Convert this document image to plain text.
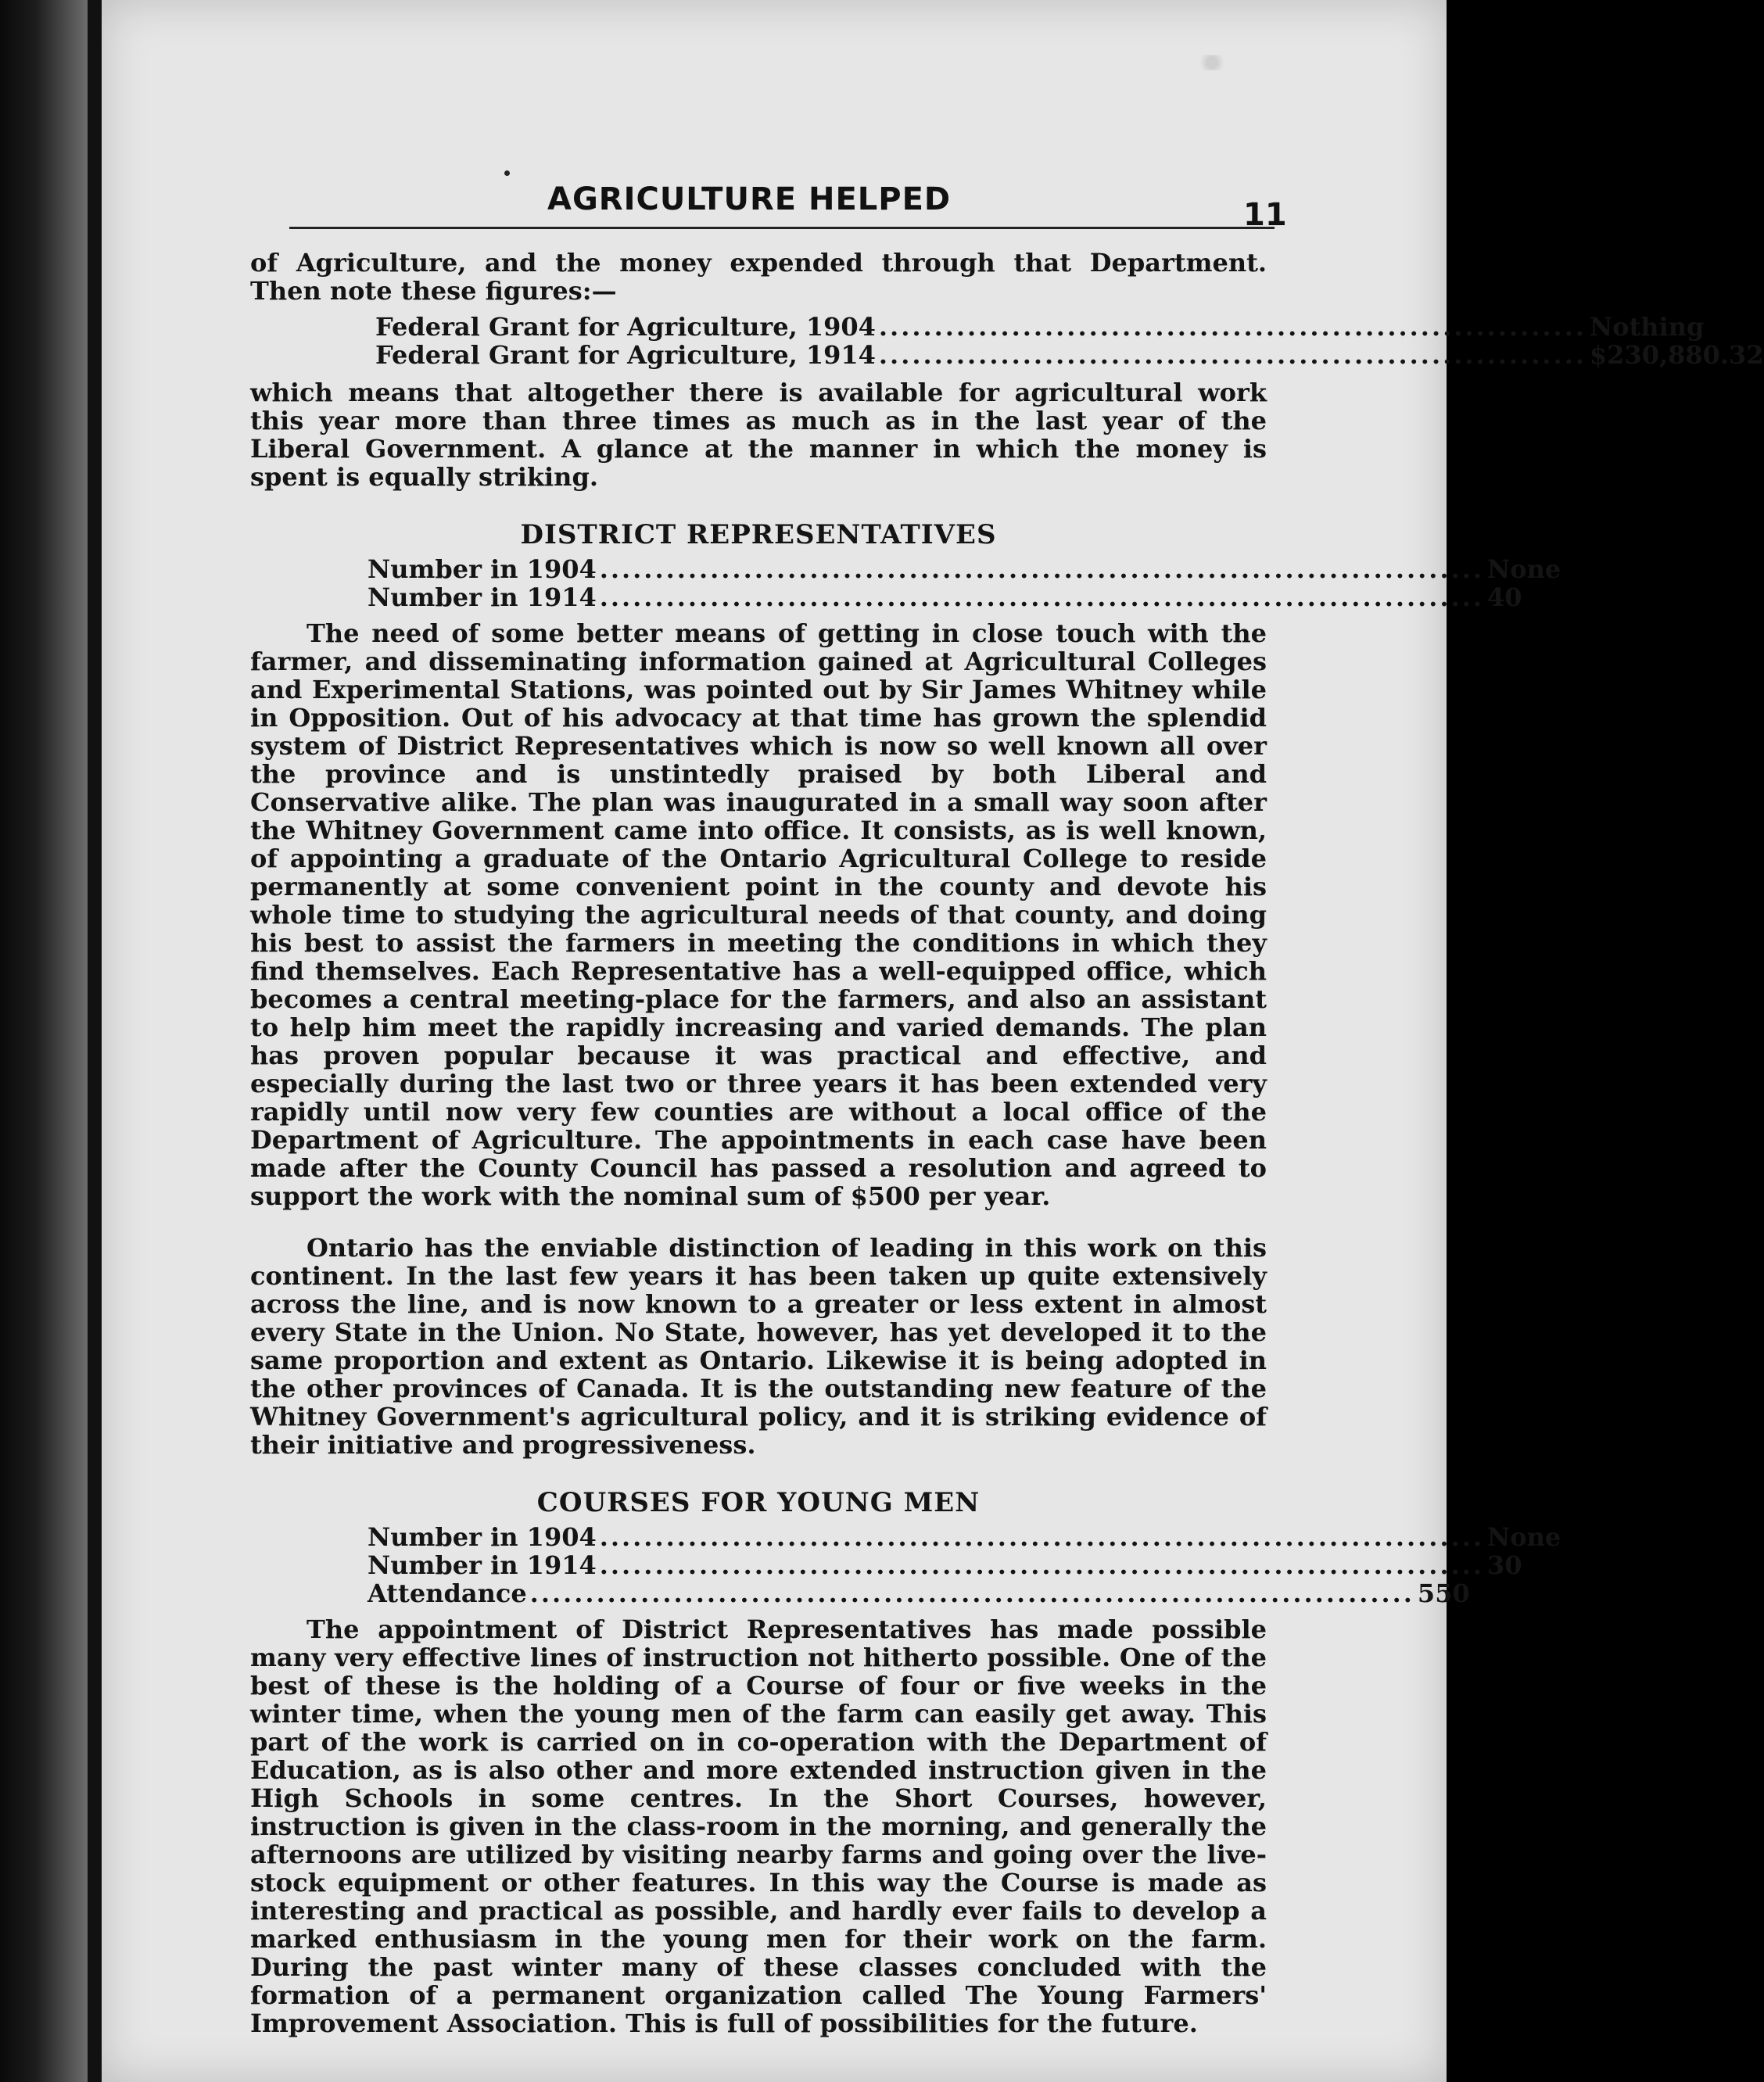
AGRICULTURE HELPED	11

of Agriculture, and the money expended through that Department. Then note these figures:—

Federal Grant for Agriculture, 1904 ................................................................ Nothing
Federal Grant for Agriculture, 1914 ................................................................ $230,880.32

which means that altogether there is available for agricultural work this year more than three times as much as in the last year of the Liberal Government. A glance at the manner in which the money is spent is equally striking.

DISTRICT REPRESENTATIVES
Number in 1904 ................................................................................ None
Number in 1914 ................................................................................ 40

The need of some better means of getting in close touch with the farmer, and disseminating information gained at Agricultural Colleges and Experimental Stations, was pointed out by Sir James Whitney while in Opposition. Out of his advocacy at that time has grown the splendid system of District Representatives which is now so well known all over the province and is unstintedly praised by both Liberal and Conservative alike. The plan was inaugurated in a small way soon after the Whitney Government came into office. It consists, as is well known, of appointing a graduate of the Ontario Agricultural College to reside permanently at some convenient point in the county and devote his whole time to studying the agricultural needs of that county, and doing his best to assist the farmers in meeting the conditions in which they find themselves. Each Representative has a well-equipped office, which becomes a central meeting-place for the farmers, and also an assistant to help him meet the rapidly increasing and varied demands. The plan has proven popular because it was practical and effective, and especially during the last two or three years it has been extended very rapidly until now very few counties are without a local office of the Department of Agriculture. The appointments in each case have been made after the County Council has passed a resolution and agreed to support the work with the nominal sum of $500 per year.

Ontario has the enviable distinction of leading in this work on this continent. In the last few years it has been taken up quite extensively across the line, and is now known to a greater or less extent in almost every State in the Union. No State, however, has yet developed it to the same proportion and extent as Ontario. Likewise it is being adopted in the other provinces of Canada. It is the outstanding new feature of the Whitney Government's agricultural policy, and it is striking evidence of their initiative and progressiveness.

COURSES FOR YOUNG MEN
Number in 1904 ................................................................................ None
Number in 1914 ................................................................................ 30
Attendance ................................................................................ 550

The appointment of District Representatives has made possible many very effective lines of instruction not hitherto possible. One of the best of these is the holding of a Course of four or five weeks in the winter time, when the young men of the farm can easily get away. This part of the work is carried on in co-operation with the Department of Education, as is also other and more extended instruction given in the High Schools in some centres. In the Short Courses, however, instruction is given in the class-room in the morning, and generally the afternoons are utilized by visiting nearby farms and going over the live-stock equipment or other features. In this way the Course is made as interesting and practical as possible, and hardly ever fails to develop a marked enthusiasm in the young men for their work on the farm. During the past winter many of these classes concluded with the formation of a permanent organization called The Young Farmers' Improvement Association. This is full of possibilities for the future.
